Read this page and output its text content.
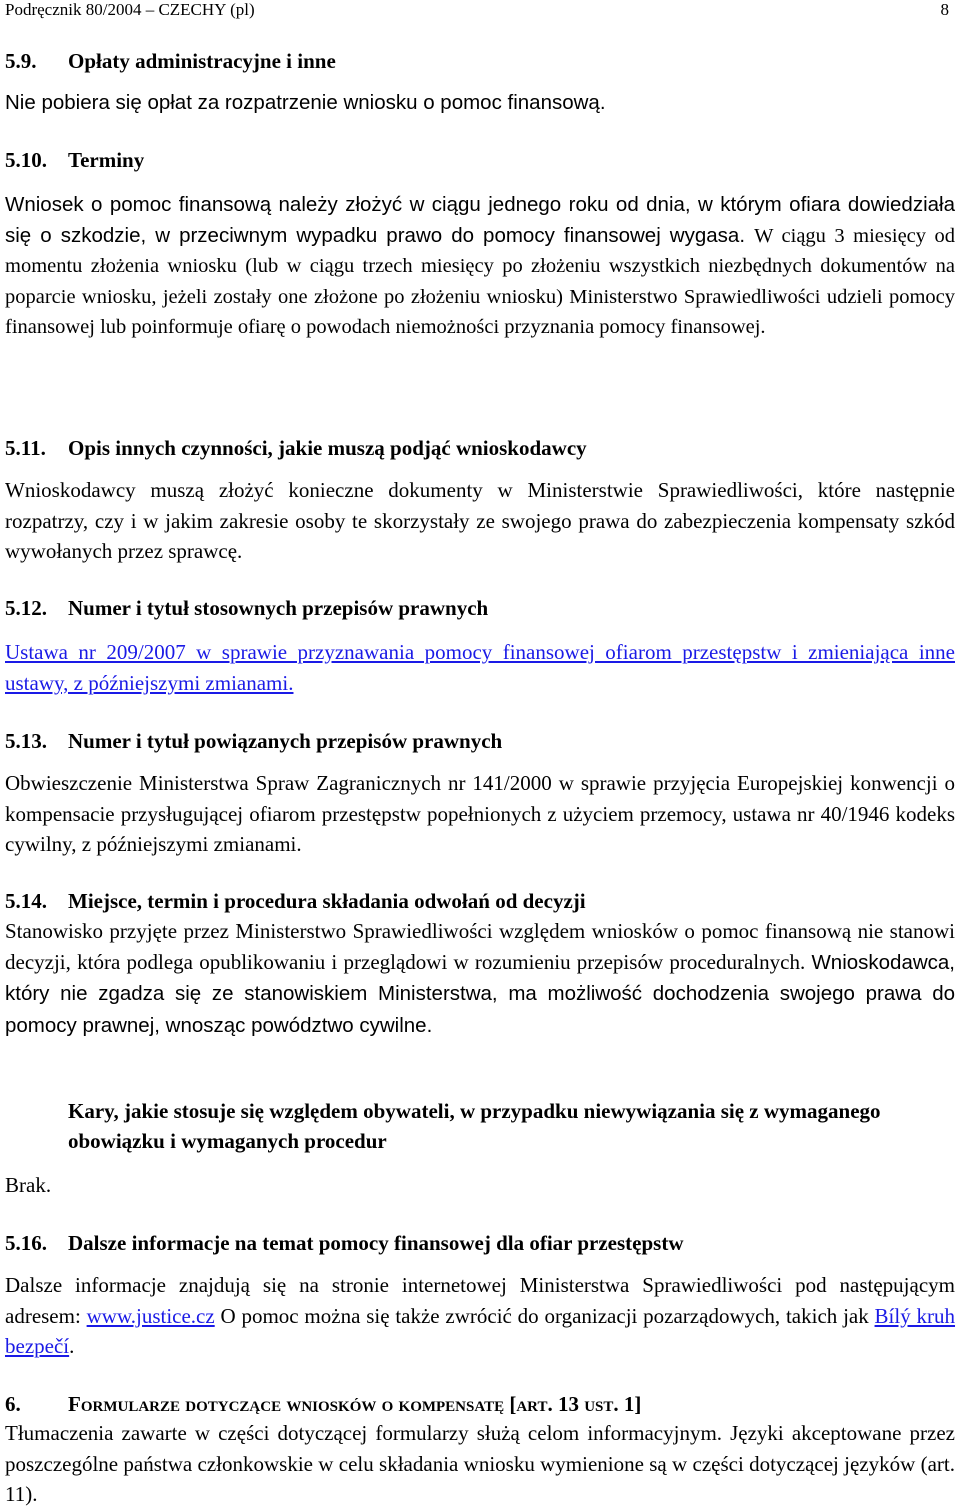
Podręcznik 80/2004 – CZECHY (pl)	8
5.9. Opłaty administracyjne i inne
Nie pobiera się opłat za rozpatrzenie wniosku o pomoc finansową.
5.10. Terminy
Wniosek o pomoc finansową należy złożyć w ciągu jednego roku od dnia, w którym ofiara dowiedziała się o szkodzie, w przeciwnym wypadku prawo do pomocy finansowej wygasa. W ciągu 3 miesięcy od momentu złożenia wniosku (lub w ciągu trzech miesięcy po złożeniu wszystkich niezbędnych dokumentów na poparcie wniosku, jeżeli zostały one złożone po złożeniu wniosku) Ministerstwo Sprawiedliwości udzieli pomocy finansowej lub poinformuje ofiarę o powodach niemożności przyznania pomocy finansowej.
5.11. Opis innych czynności, jakie muszą podjąć wnioskodawcy
Wnioskodawcy muszą złożyć konieczne dokumenty w Ministerstwie Sprawiedliwości, które następnie rozpatrzy, czy i w jakim zakresie osoby te skorzystały ze swojego prawa do zabezpieczenia kompensaty szkód wywołanych przez sprawcę.
5.12. Numer i tytuł stosownych przepisów prawnych
Ustawa nr 209/2007 w sprawie przyznawania pomocy finansowej ofiarom przestępstw i zmieniająca inne ustawy, z późniejszymi zmianami.
5.13. Numer i tytuł powiązanych przepisów prawnych
Obwieszczenie Ministerstwa Spraw Zagranicznych nr 141/2000 w sprawie przyjęcia Europejskiej konwencji o kompensacie przysługującej ofiarom przestępstw popełnionych z użyciem przemocy, ustawa nr 40/1946 kodeks cywilny, z późniejszymi zmianami.
5.14. Miejsce, termin i procedura składania odwołań od decyzji
Stanowisko przyjęte przez Ministerstwo Sprawiedliwości względem wniosków o pomoc finansową nie stanowi decyzji, która podlega opublikowaniu i przeglądowi w rozumieniu przepisów proceduralnych. Wnioskodawca, który nie zgadza się ze stanowiskiem Ministerstwa, ma możliwość dochodzenia swojego prawa do pomocy prawnej, wnosząc powództwo cywilne.
Kary, jakie stosuje się względem obywateli, w przypadku niewywiązania się z wymaganego obowiązku i wymaganych procedur
Brak.
5.16. Dalsze informacje na temat pomocy finansowej dla ofiar przestępstw
Dalsze informacje znajdują się na stronie internetowej Ministerstwa Sprawiedliwości pod następującym adresem: www.justice.cz O pomoc można się także zwrócić do organizacji pozarządowych, takich jak Bílý kruh bezpečí.
6. Formularze dotyczące wniosków o kompensatę [art. 13 ust. 1]
Tłumaczenia zawarte w części dotyczącej formularzy służą celom informacyjnym. Języki akceptowane przez poszczególne państwa członkowskie w celu składania wniosku wymienione są w części dotyczącej języków (art. 11).
